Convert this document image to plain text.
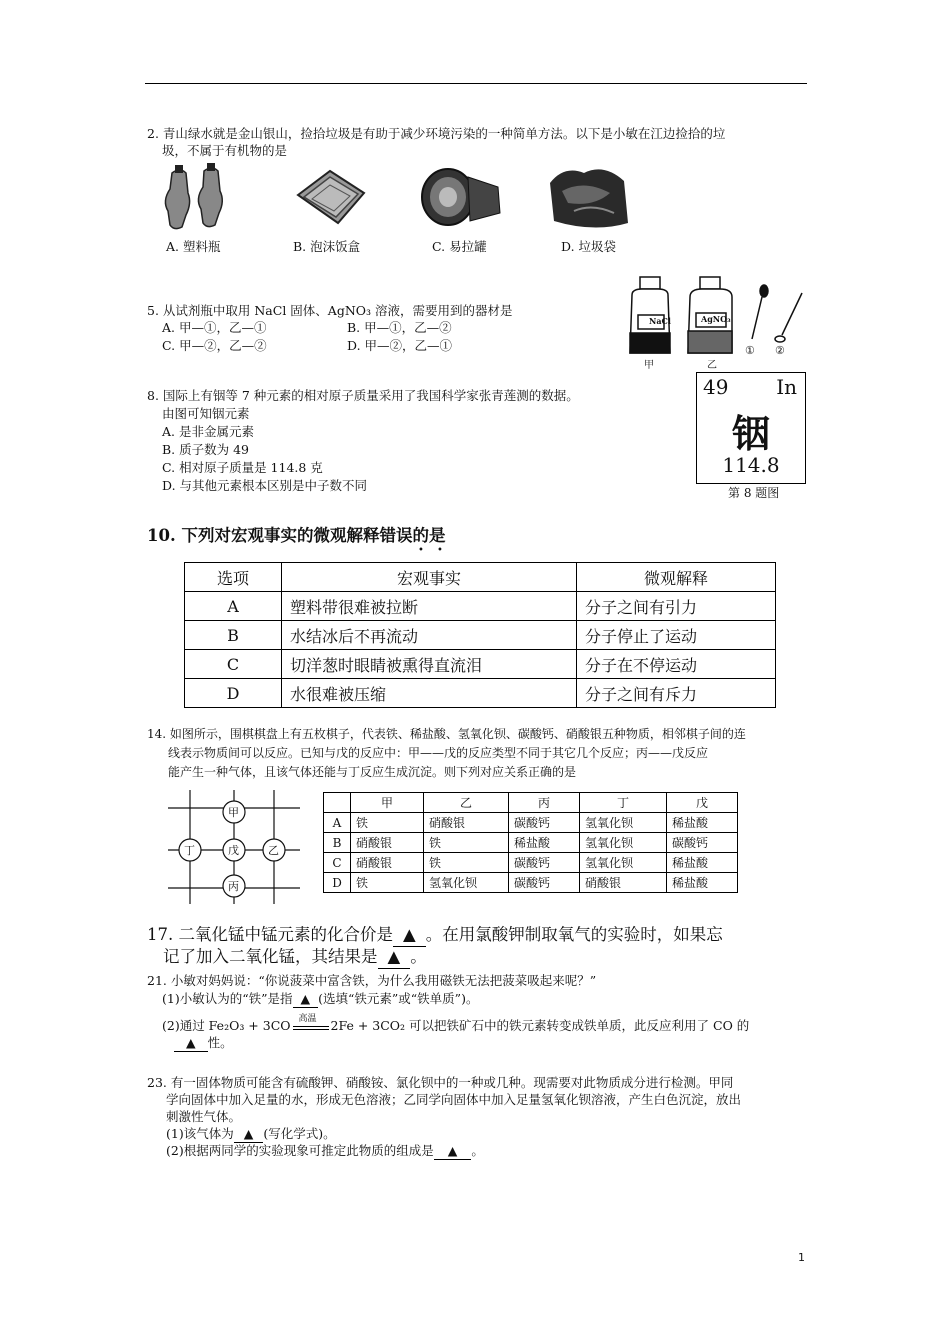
2. 青山绿水就是金山银山，捡拾垃圾是有助于减少环境污染的一种简单方法。以下是小敏在江边捡拾的垃
圾，不属于有机物的是
A. 塑料瓶	B. 泡沫饭盒	C. 易拉罐	D. 垃圾袋
5. 从试剂瓶中取用 NaCl 固体、AgNO₃ 溶液，需要用到的器材是
A. 甲—①，乙—①	B. 甲—①，乙—②
C. 甲—②，乙—②	D. 甲—②，乙—①
NaCl	AgNO₃
甲	乙
① ②
8. 国际上有铟等 7 种元素的相对原子质量采用了我国科学家张青莲测的数据。
由图可知铟元素
A. 是非金属元素
B. 质子数为 49
C. 相对原子质量是 114.8 克
D. 与其他元素根本区别是中子数不同
49 In
铟
114.8
第 8 题图
10. 下列对宏观事实的微观解释错误的是
• •
选项	宏观事实	微观解释
A	塑料带很难被拉断	分子之间有引力
B	水结冰后不再流动	分子停止了运动
C	切洋葱时眼睛被熏得直流泪	分子在不停运动
D	水很难被压缩	分子之间有斥力
14. 如图所示，围棋棋盘上有五枚棋子，代表铁、稀盐酸、氢氧化钡、碳酸钙、硝酸银五种物质，相邻棋子间的连
线表示物质间可以反应。已知与戊的反应中：甲——戊的反应类型不同于其它几个反应；丙——戊反应
能产生一种气体，且该气体还能与丁反应生成沉淀。则下列对应关系正确的是
甲
丁	戊	乙
丙
	甲	乙	丙	丁	戊
A	铁	硝酸银	碳酸钙	氢氧化钡	稀盐酸
B	硝酸银	铁	稀盐酸	氢氧化钡	碳酸钙
C	硝酸银	铁	碳酸钙	氢氧化钡	稀盐酸
D	铁	氢氧化钡	碳酸钙	硝酸银	稀盐酸
17. 二氧化锰中锰元素的化合价是 ▲ 。在用氯酸钾制取氧气的实验时，如果忘
记了加入二氧化锰，其结果是 ▲ 。
21. 小敏对妈妈说：“你说菠菜中富含铁，为什么我用磁铁无法把菠菜吸起来呢？”
(1)小敏认为的“铁”是指 ▲ (选填“铁元素”或“铁单质”)。
(2)通过 Fe₂O₃ + 3CO 高温 2Fe + 3CO₂ 可以把铁矿石中的铁元素转变成铁单质，此反应利用了 CO 的
▲ 性。
23. 有一固体物质可能含有硫酸钾、硝酸铵、氯化钡中的一种或几种。现需要对此物质成分进行检测。甲同
学向固体中加入足量的水，形成无色溶液；乙同学向固体中加入足量氢氧化钡溶液，产生白色沉淀，放出
刺激性气体。
(1)该气体为 ▲ (写化学式)。
(2)根据两同学的实验现象可推定此物质的组成是 ▲ 。
1
